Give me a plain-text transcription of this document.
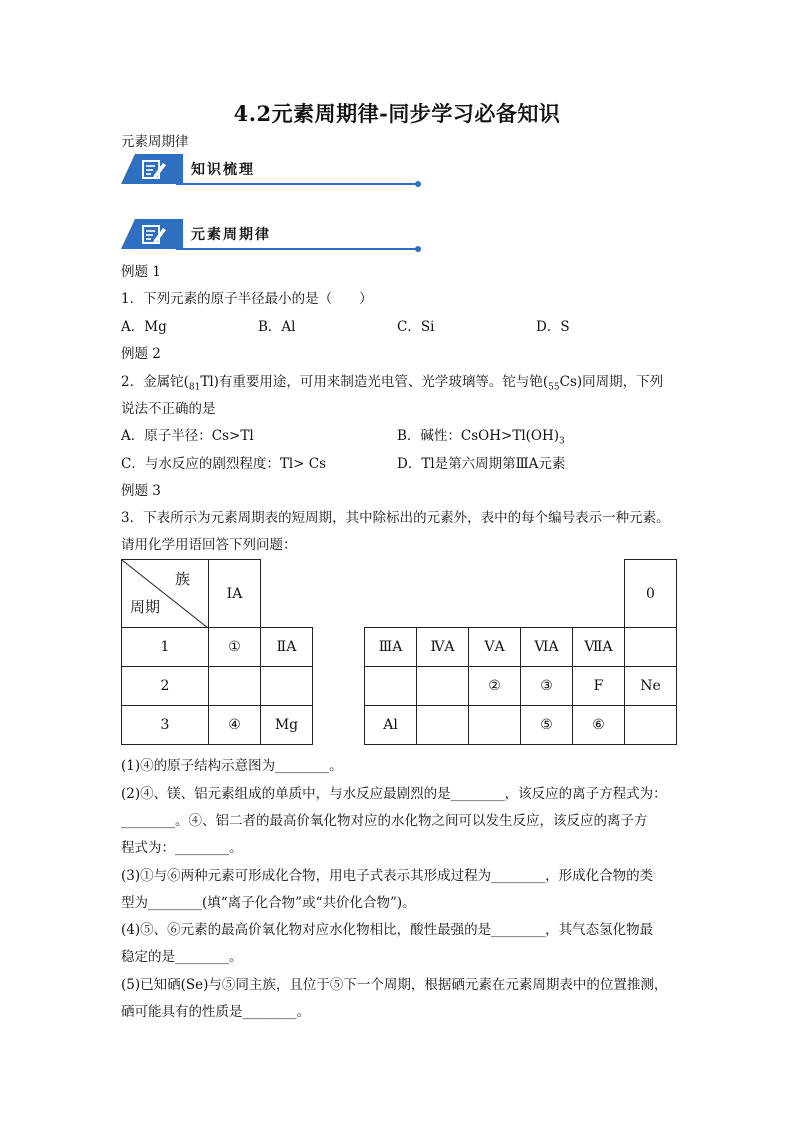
4.2元素周期律-同步学习必备知识
元素周期律
知识梳理
元素周期律
例题 1
1．下列元素的原子半径最小的是（　　）
A．Mg	B．Al	C．Si	D．S
例题 2
2．金属铊$(_{81}Tl)$有重要用途，可用来制造光电管、光学玻璃等。铊与铯$(_{55}Cs)$同周期，下列
说法不正确的是
A．原子半径：Cs>Tl	B．碱性：$CsOH>Tl(OH)_3$
C．与水反应的剧烈程度：Tl> Cs	D．Tl是第六周期第ⅢA元素
例题 3
3．下表所示为元素周期表的短周期，其中除标出的元素外，表中的每个编号表示一种元素。
请用化学用语回答下列问题：
族
周期	ⅠA								0
1	①	ⅡA		ⅢA	ⅣA	ⅤA	ⅥA	ⅦA	
2						②	③	F	Ne
3	④	Mg		Al			⑤	⑥	
(1)④的原子结构示意图为________。
(2)④、镁、铝元素组成的单质中，与水反应最剧烈的是________，该反应的离子方程式为：
________。④、铝二者的最高价氧化物对应的水化物之间可以发生反应，该反应的离子方
程式为：________。
(3)①与⑥两种元素可形成化合物，用电子式表示其形成过程为________，形成化合物的类
型为________(填“离子化合物”或“共价化合物”)。
(4)⑤、⑥元素的最高价氧化物对应水化物相比，酸性最强的是________，其气态氢化物最
稳定的是________。
(5)已知硒(Se)与⑤同主族，且位于⑤下一个周期，根据硒元素在元素周期表中的位置推测，
硒可能具有的性质是________。
